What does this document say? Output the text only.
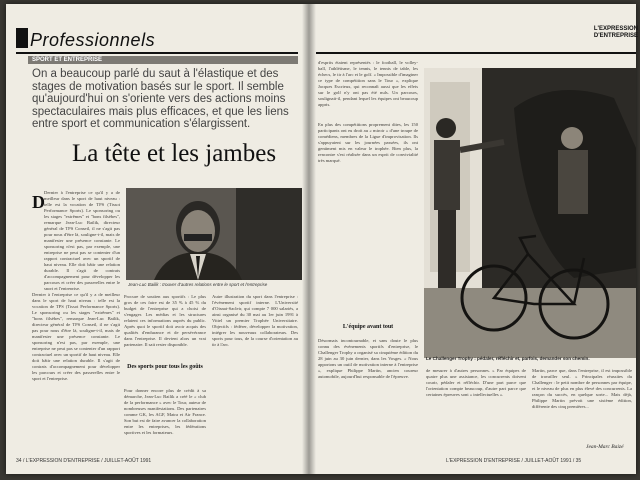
Professionnels
SPORT ET ENTREPRISE
On a beaucoup parlé du saut à l'élastique et des stages de motivation basés sur le sport. Il semble qu'aujourd'hui on s'oriente vers des actions moins spectaculaires mais plus efficaces, et que les liens entre sport et communication s'élargissent.
La tête et les jambes
Jean-Luc Bailik : trouver d'autres relations entre le sport et l'entreprise
D Dernier à l'entreprise ce qu'il y a de meilleur dans le sport de haut niveau : telle est la vocation de TPS (Tissot Performance Sports). Le sponsoring ou les stages "extrêmes" et "bons filsèbes", remarque Jean-Luc Bailik, directeur général de TPS Conseil, il ne s'agit pas pour nous d'être là, souligne-t-il, mais de manifester une présence constante. Le sponsoring n'est pas, par exemple, une entreprise ne peut pas se contenter d'un rapport contractuel avec un sportif de haut niveau. Elle doit bâtir une relation durable. Il s'agit de contrats d'accompagnement pour développer les parcours et créer des passerelles entre le sport et l'entreprise.
Dernier à l'entreprise ce qu'il y a de meilleur dans le sport de haut niveau : telle est la vocation de TPS (Tissot Performance Sports). Le sponsoring ou les stages "extrêmes" et "bons filsèbes", remarque Jean-Luc Bailik, directeur général de TPS Conseil, il ne s'agit pas pour nous d'être là, souligne-t-il, mais de manifester une présence constante. Le sponsoring n'est pas, par exemple, une entreprise ne peut pas se contenter d'un rapport contractuel avec un sportif de haut niveau. Elle doit bâtir une relation durable. Il s'agit de contrats d'accompagnement pour développer les parcours et créer des passerelles entre le sport et l'entreprise.
Procure de soutien aux sportifs : Le plus gros de ces faire est de 35 % à 45 % du budget de l'entreprise qui a choisi de s'engager. Les médias et les structures relaient ces informations auprès du public. Après quoi le sportif doit avoir acquis des qualités d'endurance et de persévérance dans l'entreprise. Il devient alors un vrai partenaire. Il sait rester disponible.
Des sports pour tous les goûts
Pour donner encore plus de crédit à sa démarche, Jean-Luc Bailik a créé le « club de la performance » avec le Tour, auteur de nombreuses manifestations. Des partenaires comme GK, les AGF, Matra et Air France. Son but est de faire avancer la collaboration entre les entreprises, les fédérations sportives et les formateurs.
Autre illustration du sport dans l'entreprise : l'événement sportif interne. L'Université d'Oisnat-Sacleir, qui compte 7 000 salariés, a ainsi organisé du 30 mai au 1er juin 1991 à Vittel un premier Trophée Universitaire. Objectifs : fédérer, développer la motivation, intégrer les nouveaux collaborateurs. Des sports pour tous, de la course d'orientation au tir à l'arc.
34 / L'EXPRESSION D'ENTREPRISE / JUILLET-AOÛT 1991
L'EXPRESSION
D'ENTREPRISE
d'esprits étaient représentés : le football, le volley-ball, l'athlétisme, le tennis, le tennis de table, les échecs, le tir à l'arc et le golf. « Impossible d'imaginer ce type de compétition sans le Tour », explique Jacques Escrieux, qui reconnaît aussi que les effets sur le golf n'y ont pas été nuls. Un parcours, soulignait-il, pendant lequel les équipes ont beaucoup appris.
En plus des compétitions proprement dites, les 150 participants ont eu droit au « miroir » d'une troupe de comédiens, membres de la Ligue d'improvisation. Ils s'appuyaient sur les journées passées, ils ont gentiment mis en valeur le trophée. Bien plus, la rencontre s'est réalisée dans un esprit de convivialité très marqué.
L'équipe avant tout
Le Challenger Trophy : pédaler, réfléchir et, parfois, demander son chemin.
Désormais incontournable, et sans doute le plus connu des événements sportifs d'entreprise, le Challenger Trophy a organisé sa cinquième édition du 28 juin au 30 juin dernier, dans les Vosges. « Nous apportons un outil de motivation interne à l'entreprise », explique Philippe Martin, ancien coureur automobile, aujourd'hui responsable de l'épreuve.
de mesurer à d'autres personnes. » Par équipes de quatre plus une assistance, les concurrents doivent courir, pédaler et réfléchir. D'une part parce que l'orientation compte beaucoup, d'autre part parce que certaines épreuves sont « intellectuelles ».
Martin, parce que, dans l'entreprise, il est impossible de travailler seul. » Principales réussites du Challenger : le petit nombre de personnes par équipe, et le niveau de plus en plus élevé des concurrents. La rançon du succès, en quelque sorte... Mais déjà, Philippe Martin prévoit une sixième édition, différente des cinq premières...
Jean-Marc Baizé
L'EXPRESSION D'ENTREPRISE / JUILLET-AOÛT 1991 / 35
